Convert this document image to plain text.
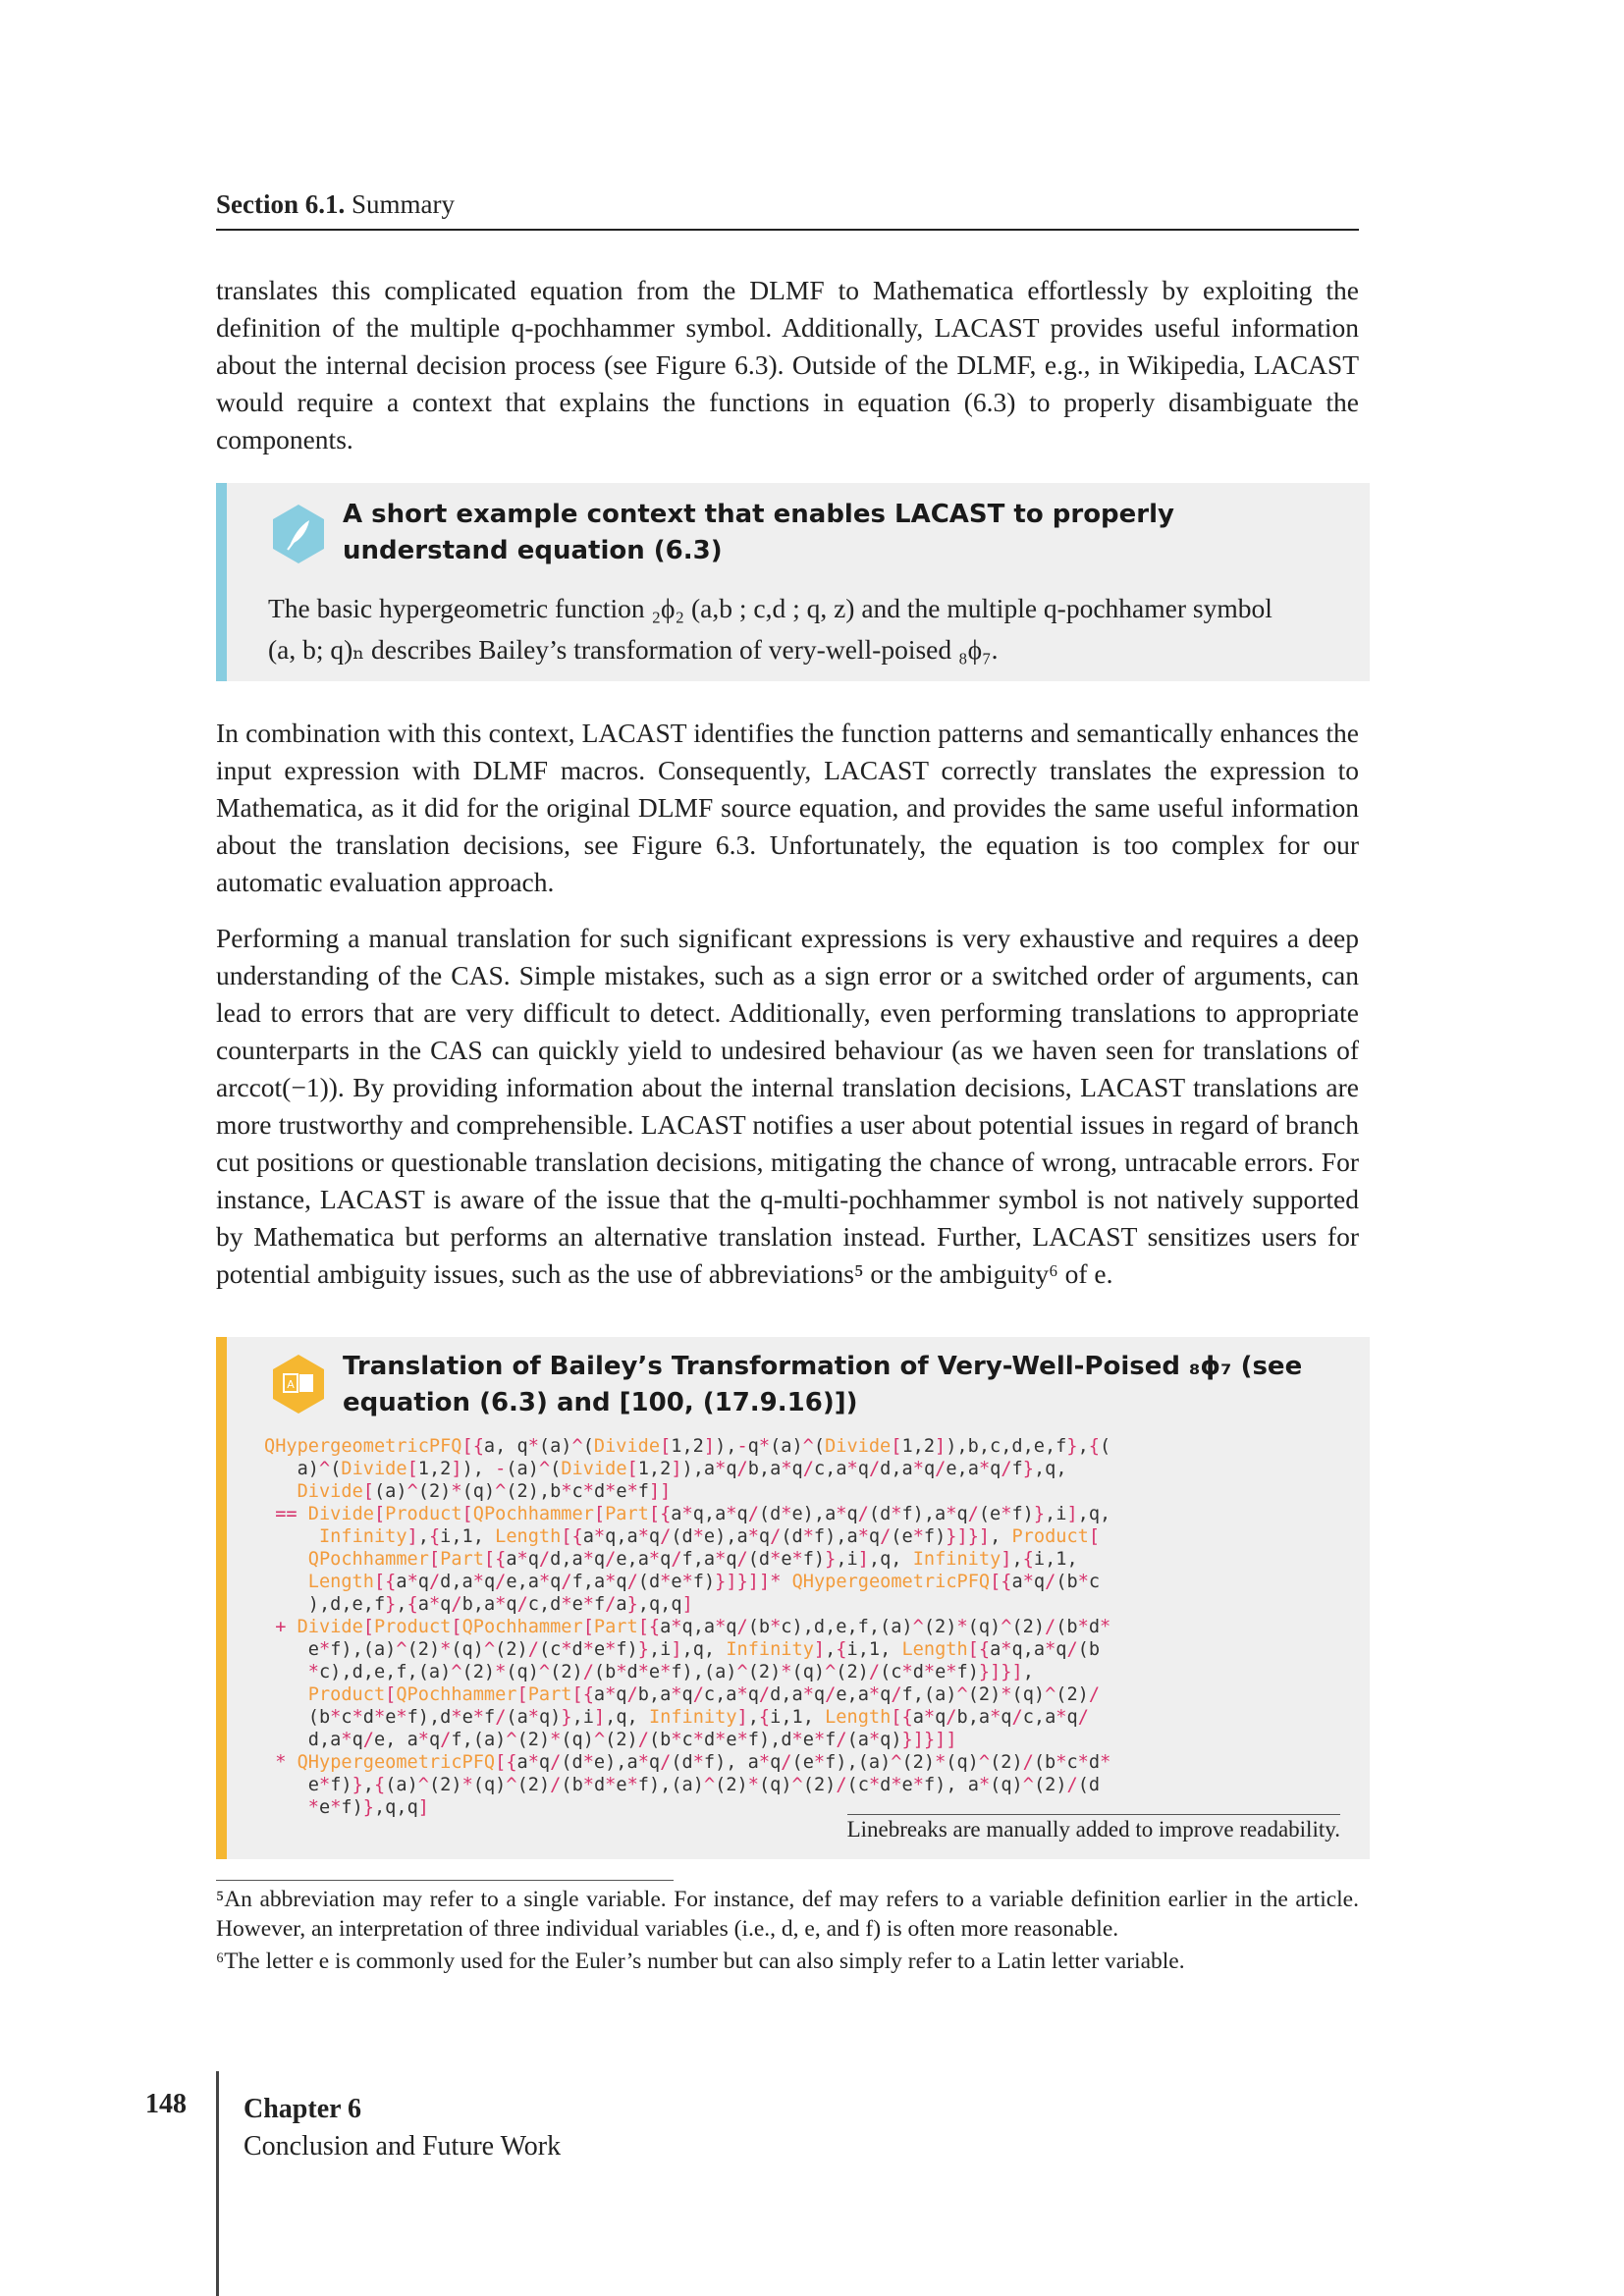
Section 6.1. Summary

translates this complicated equation from the DLMF to Mathematica effortlessly by exploiting the definition of the multiple q-pochhammer symbol. Additionally, LACAST provides useful information about the internal decision process (see Figure 6.3). Outside of the DLMF, e.g., in Wikipedia, LACAST would require a context that explains the functions in equation (6.3) to properly disambiguate the components.

A short example context that enables LACAST to properly understand equation (6.3)
The basic hypergeometric function ₂ϕ₂ (a,b ; c,d ; q, z) and the multiple q-pochhamer symbol
(a, b; q)ₙ describes Bailey’s transformation of very-well-poised ₈ϕ₇.

In combination with this context, LACAST identifies the function patterns and semantically enhances the input expression with DLMF macros. Consequently, LACAST correctly translates the expression to Mathematica, as it did for the original DLMF source equation, and provides the same useful information about the translation decisions, see Figure 6.3. Unfortunately, the equation is too complex for our automatic evaluation approach.

Performing a manual translation for such significant expressions is very exhaustive and requires a deep understanding of the CAS. Simple mistakes, such as a sign error or a switched order of arguments, can lead to errors that are very difficult to detect. Additionally, even performing translations to appropriate counterparts in the CAS can quickly yield to undesired behaviour (as we haven seen for translations of arccot(−1)). By providing information about the internal translation decisions, LACAST translations are more trustworthy and comprehensible. LACAST notifies a user about potential issues in regard of branch cut positions or questionable translation decisions, mitigating the chance of wrong, untracable errors. For instance, LACAST is aware of the issue that the q-multi-pochhammer symbol is not natively supported by Mathematica but performs an alternative translation instead. Further, LACAST sensitizes users for potential ambiguity issues, such as the use of abbreviations⁵ or the ambiguity⁶ of e.

A
Translation of Bailey’s Transformation of Very-Well-Poised ₈ϕ₇ (see equation (6.3) and [100, (17.9.16)])
QHypergeometricPFQ[{a, q*(a)^(Divide[1,2]),-q*(a)^(Divide[1,2]),b,c,d,e,f},{(
a)^(Divide[1,2]), -(a)^(Divide[1,2]),a*q/b,a*q/c,a*q/d,a*q/e,a*q/f},q,
Divide[(a)^(2)*(q)^(2),b*c*d*e*f]]
== Divide[Product[QPochhammer[Part[{a*q,a*q/(d*e),a*q/(d*f),a*q/(e*f)},i],q,
Infinity],{i,1, Length[{a*q,a*q/(d*e),a*q/(d*f),a*q/(e*f)}]}], Product[
QPochhammer[Part[{a*q/d,a*q/e,a*q/f,a*q/(d*e*f)},i],q, Infinity],{i,1,
Length[{a*q/d,a*q/e,a*q/f,a*q/(d*e*f)}]}]]* QHypergeometricPFQ[{a*q/(b*c
),d,e,f},{a*q/b,a*q/c,d*e*f/a},q,q]
+ Divide[Product[QPochhammer[Part[{a*q,a*q/(b*c),d,e,f,(a)^(2)*(q)^(2)/(b*d*
e*f),(a)^(2)*(q)^(2)/(c*d*e*f)},i],q, Infinity],{i,1, Length[{a*q,a*q/(b
*c),d,e,f,(a)^(2)*(q)^(2)/(b*d*e*f),(a)^(2)*(q)^(2)/(c*d*e*f)}]}],
Product[QPochhammer[Part[{a*q/b,a*q/c,a*q/d,a*q/e,a*q/f,(a)^(2)*(q)^(2)/
(b*c*d*e*f),d*e*f/(a*q)},i],q, Infinity],{i,1, Length[{a*q/b,a*q/c,a*q/
d,a*q/e, a*q/f,(a)^(2)*(q)^(2)/(b*c*d*e*f),d*e*f/(a*q)}]}]]
* QHypergeometricPFQ[{a*q/(d*e),a*q/(d*f), a*q/(e*f),(a)^(2)*(q)^(2)/(b*c*d*
e*f)},{(a)^(2)*(q)^(2)/(b*d*e*f),(a)^(2)*(q)^(2)/(c*d*e*f), a*(q)^(2)/(d
*e*f)},q,q]
Linebreaks are manually added to improve readability.

⁵An abbreviation may refer to a single variable. For instance, def may refers to a variable definition earlier in the article. However, an interpretation of three individual variables (i.e., d, e, and f) is often more reasonable.

⁶The letter e is commonly used for the Euler’s number but can also simply refer to a Latin letter variable.

Chapter 6
Conclusion and Future Work
148
